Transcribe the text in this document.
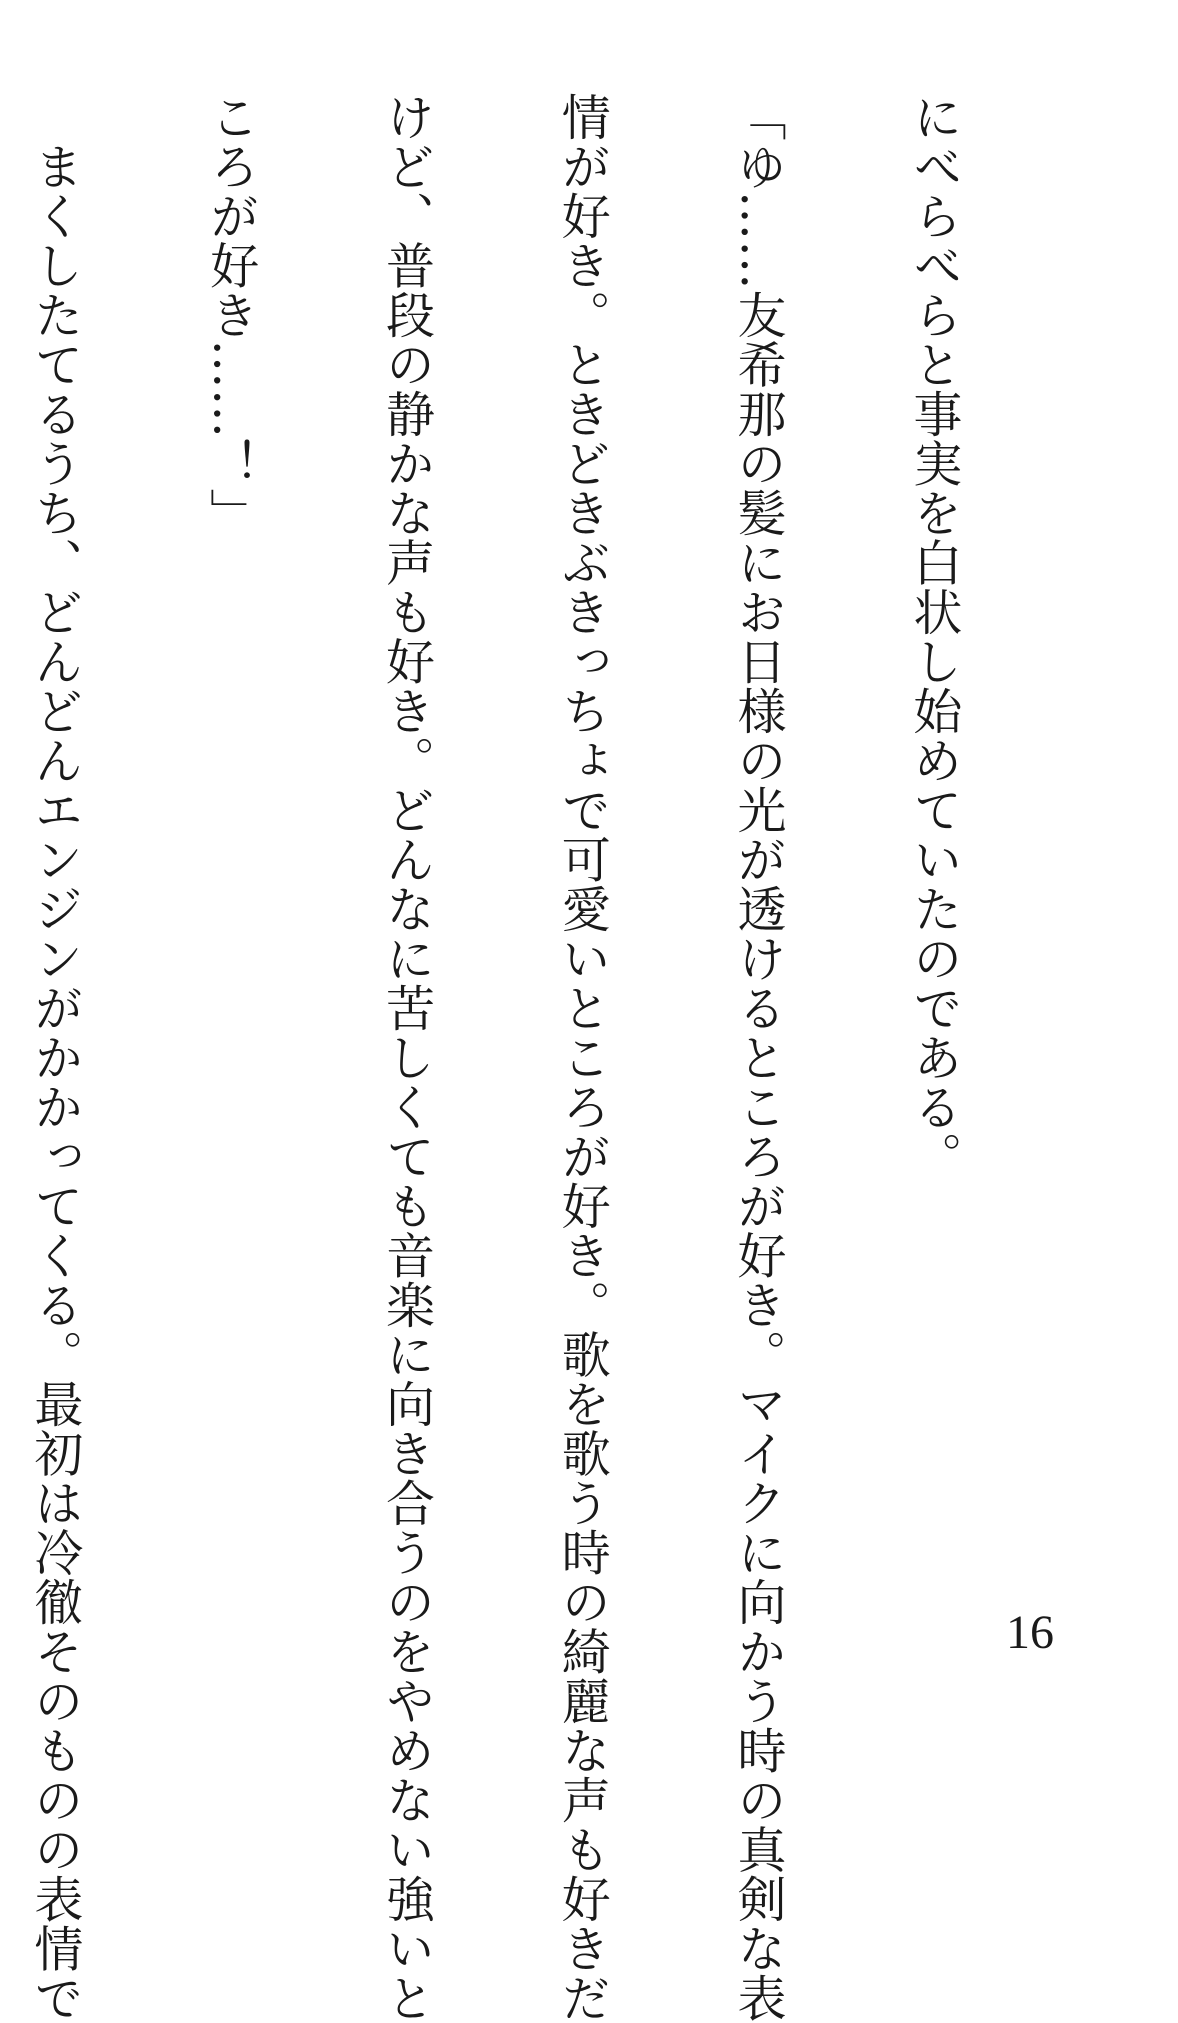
にべらべらと事実を白状し始めていたのである。

「ゆ……友希那の髪にお日様の光が透けるところが好き。マイクに向かう時の真剣な表

情が好き。ときどきぶきっちょで可愛いところが好き。歌を歌う時の綺麗な声も好きだ

けど、普段の静かな声も好き。どんなに苦しくても音楽に向き合うのをやめない強いと

ころが好き……！」

　まくしたてるうち、どんどんエンジンがかかってくる。最初は冷徹そのものの表情で

	16
